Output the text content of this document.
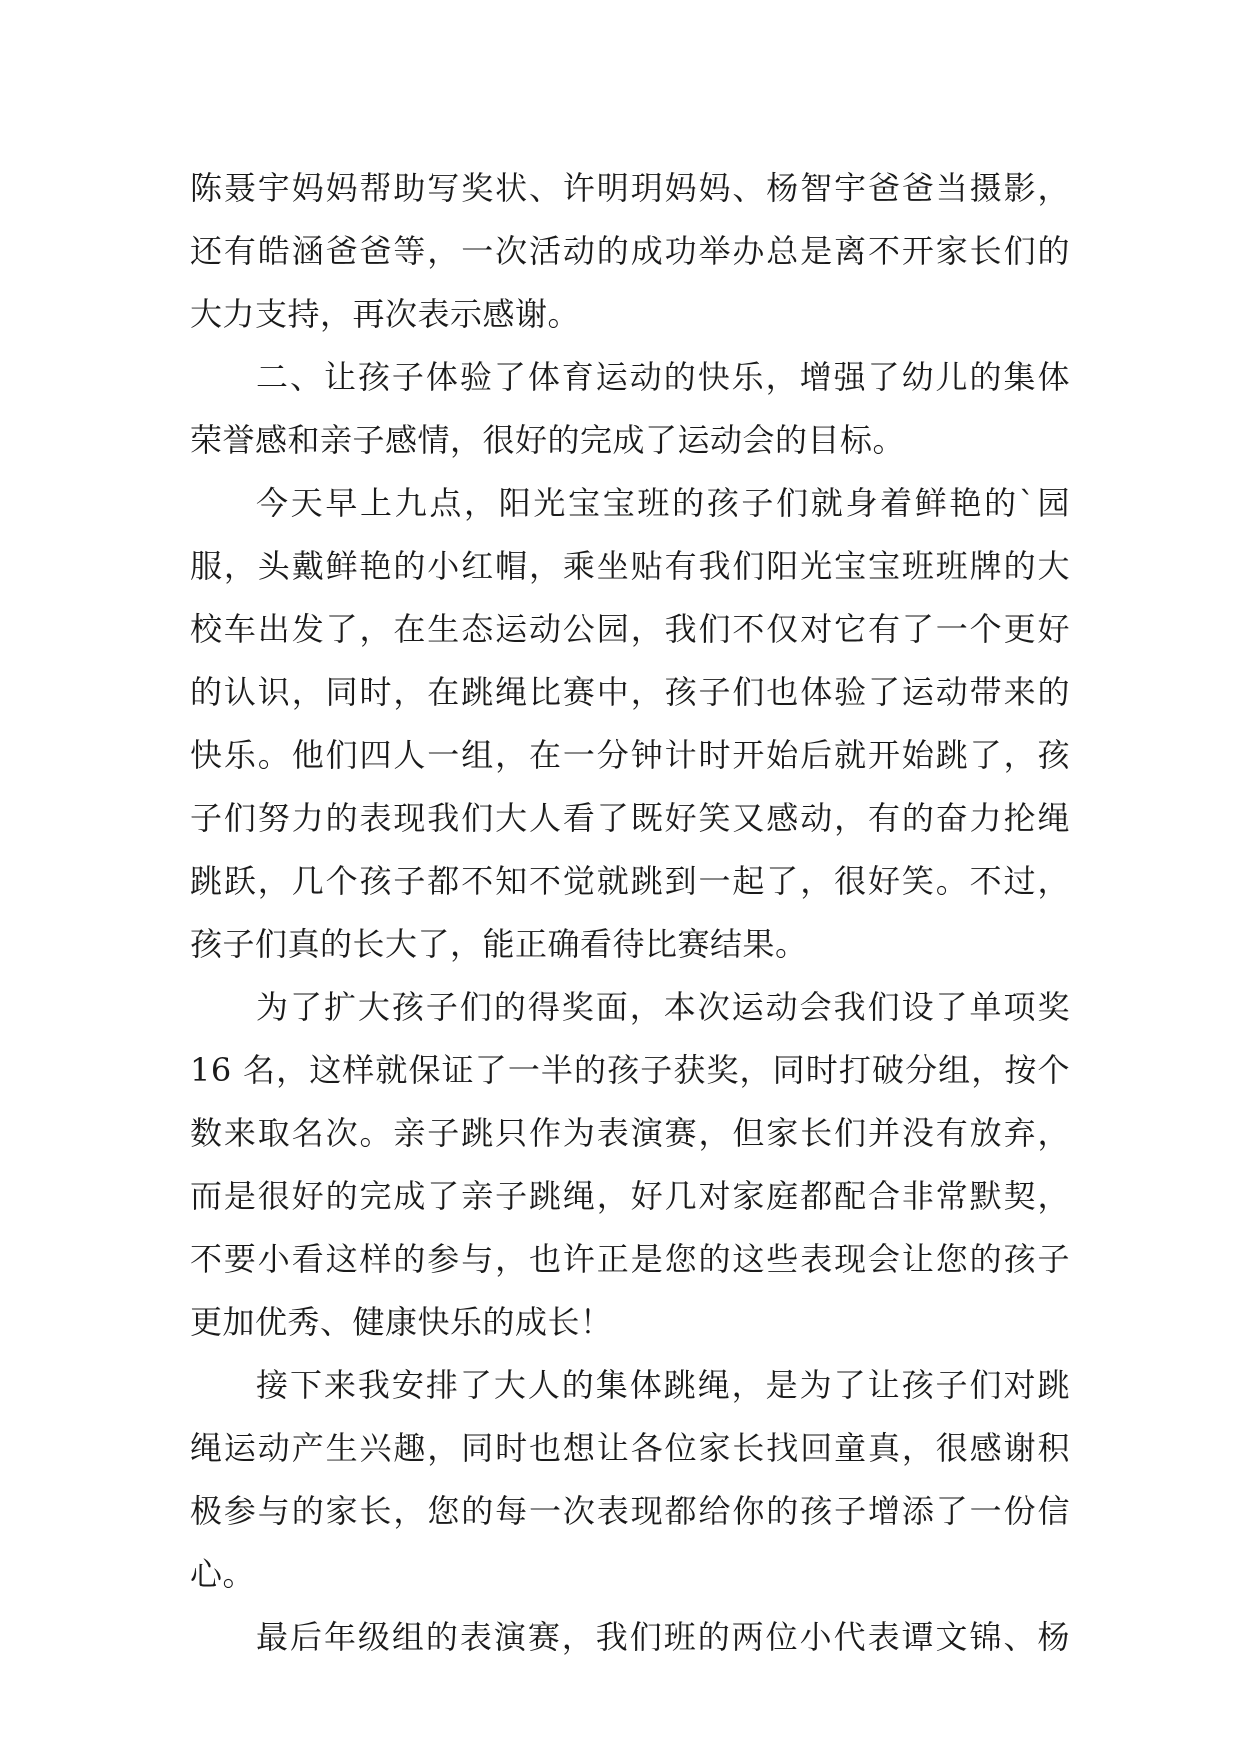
陈聂宇妈妈帮助写奖状、许明玥妈妈、杨智宇爸爸当摄影，
还有皓涵爸爸等，一次活动的成功举办总是离不开家长们的
大力支持，再次表示感谢。
二、让孩子体验了体育运动的快乐，增强了幼儿的集体
荣誉感和亲子感情，很好的完成了运动会的目标。
今天早上九点，阳光宝宝班的孩子们就身着鲜艳的`园
服，头戴鲜艳的小红帽，乘坐贴有我们阳光宝宝班班牌的大
校车出发了，在生态运动公园，我们不仅对它有了一个更好
的认识，同时，在跳绳比赛中，孩子们也体验了运动带来的
快乐。他们四人一组，在一分钟计时开始后就开始跳了，孩
子们努力的表现我们大人看了既好笑又感动，有的奋力抡绳
跳跃，几个孩子都不知不觉就跳到一起了，很好笑。不过，
孩子们真的长大了，能正确看待比赛结果。
为了扩大孩子们的得奖面，本次运动会我们设了单项奖
16 名，这样就保证了一半的孩子获奖，同时打破分组，按个
数来取名次。亲子跳只作为表演赛，但家长们并没有放弃，
而是很好的完成了亲子跳绳，好几对家庭都配合非常默契，
不要小看这样的参与，也许正是您的这些表现会让您的孩子
更加优秀、健康快乐的成长！
接下来我安排了大人的集体跳绳，是为了让孩子们对跳
绳运动产生兴趣，同时也想让各位家长找回童真，很感谢积
极参与的家长，您的每一次表现都给你的孩子增添了一份信
心。
最后年级组的表演赛，我们班的两位小代表谭文锦、杨
